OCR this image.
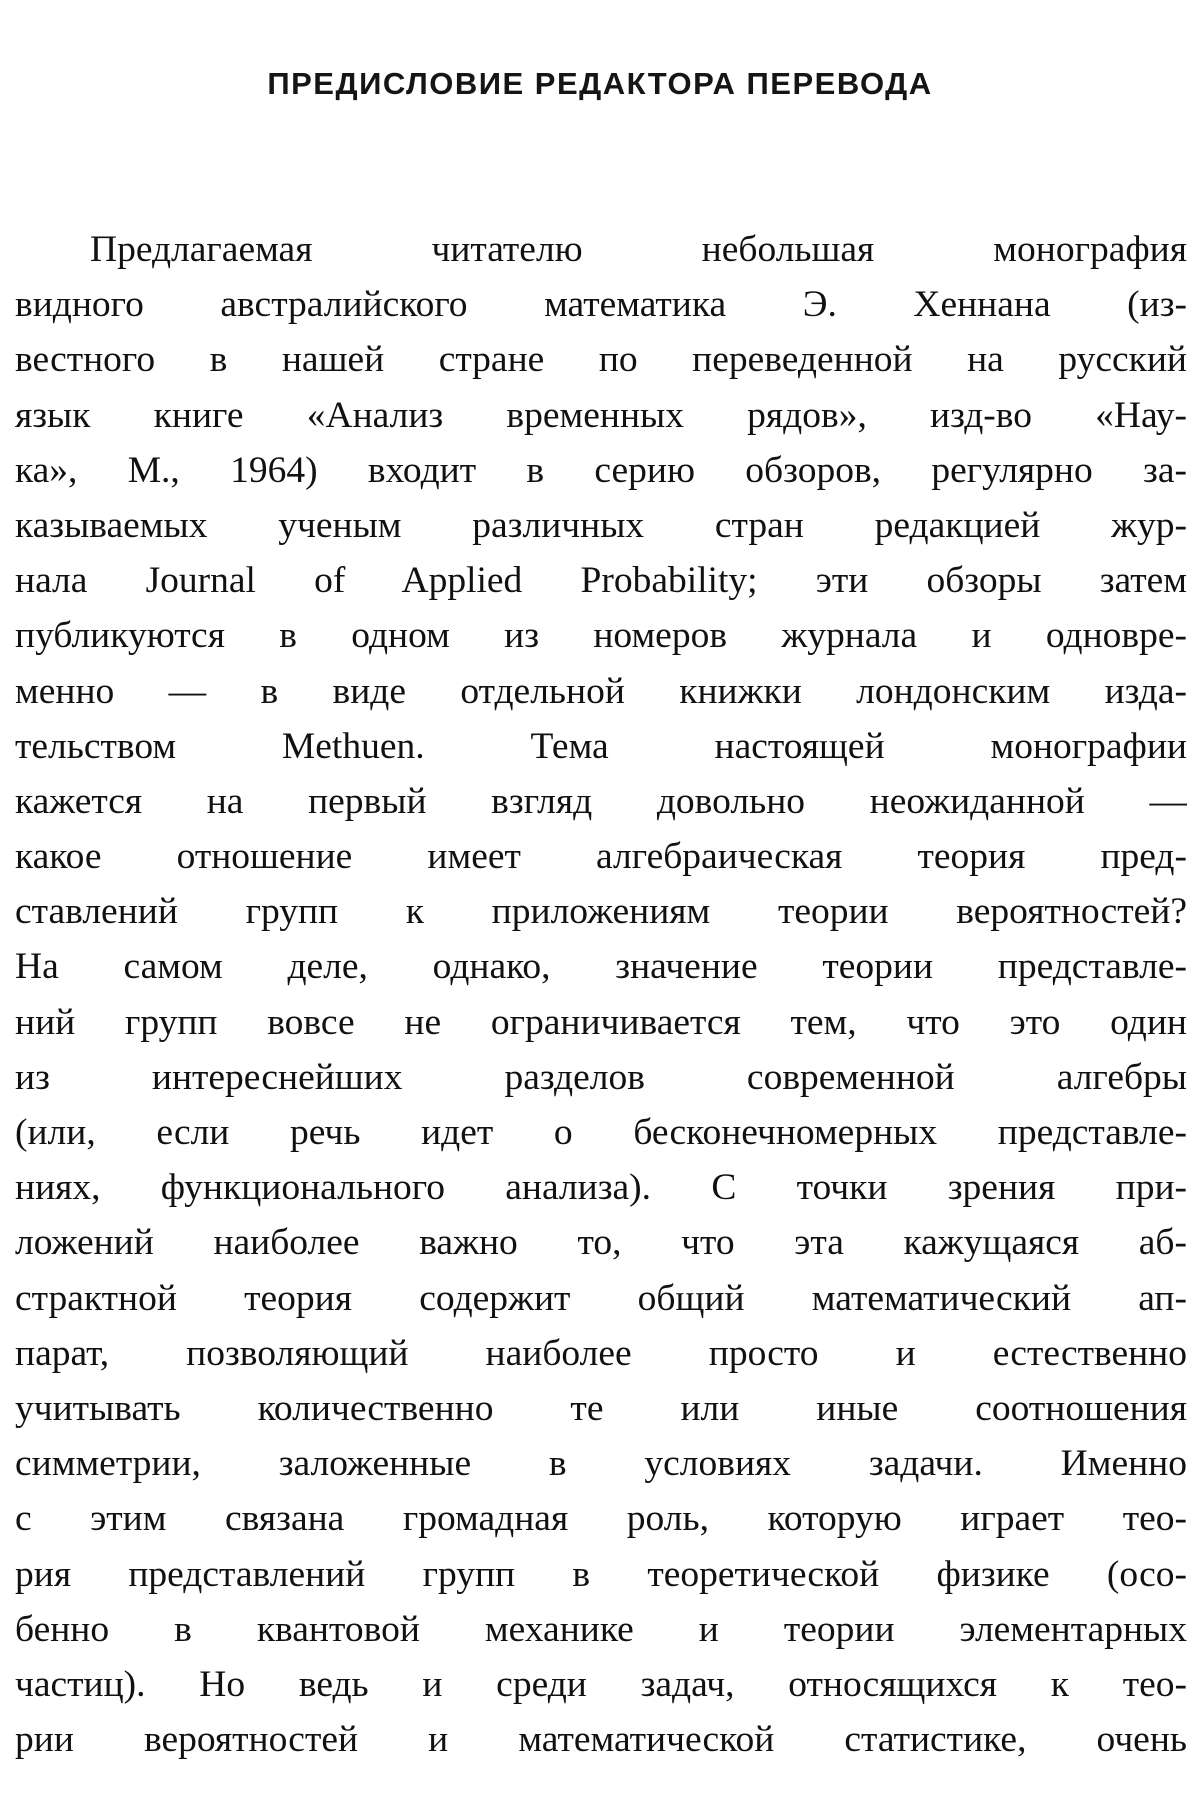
ПРЕДИСЛОВИЕ РЕДАКТОРА ПЕРЕВОДА
Предлагаемая читателю небольшая монография
видного австралийского математика Э. Хеннана (из-
вестного в нашей стране по переведенной на русский
язык книге «Анализ временных рядов», изд-во «Нау-
ка», М., 1964) входит в серию обзоров, регулярно за-
казываемых ученым различных стран редакцией жур-
нала Journal of Applied Probability; эти обзоры затем
публикуются в одном из номеров журнала и одновре-
менно — в виде отдельной книжки лондонским изда-
тельством Methuen. Тема настоящей монографии
кажется на первый взгляд довольно неожиданной —
какое отношение имеет алгебраическая теория пред-
ставлений групп к приложениям теории вероятностей?
На самом деле, однако, значение теории представле-
ний групп вовсе не ограничивается тем, что это один
из интереснейших разделов современной алгебры
(или, если речь идет о бесконечномерных представле-
ниях, функционального анализа). С точки зрения при-
ложений наиболее важно то, что эта кажущаяся аб-
страктной теория содержит общий математический ап-
парат, позволяющий наиболее просто и естественно
учитывать количественно те или иные соотношения
симметрии, заложенные в условиях задачи. Именно
с этим связана громадная роль, которую играет тео-
рия представлений групп в теоретической физике (осо-
бенно в квантовой механике и теории элементарных
частиц). Но ведь и среди задач, относящихся к тео-
рии вероятностей и математической статистике, очень
